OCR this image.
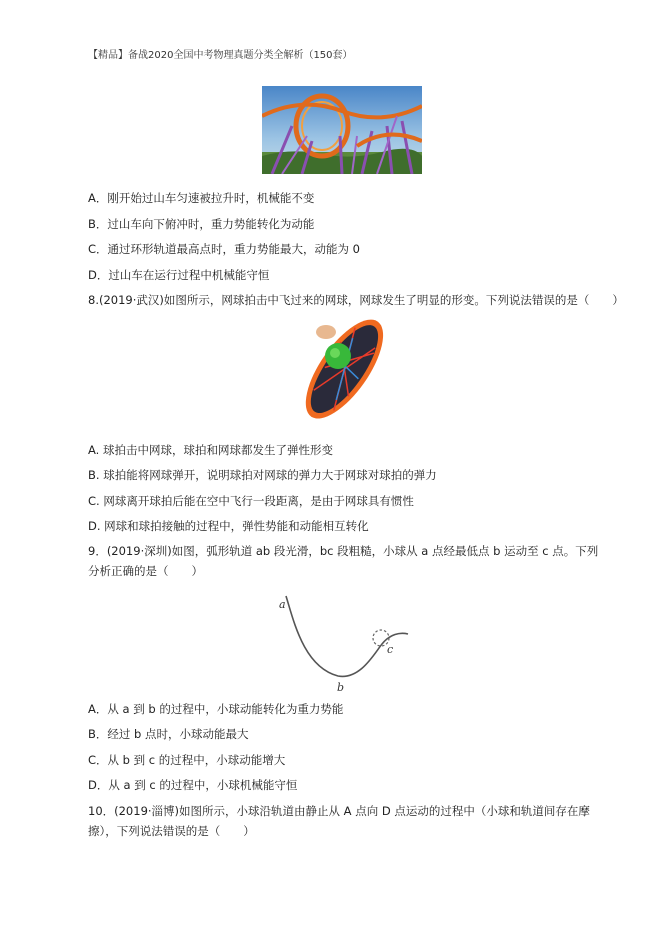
【精品】备战2020全国中考物理真题分类全解析（150套）
A．刚开始过山车匀速被拉升时，机械能不变
B．过山车向下俯冲时，重力势能转化为动能
C．通过环形轨道最高点时，重力势能最大，动能为 0
D．过山车在运行过程中机械能守恒
8.(2019·武汉)如图所示，网球拍击中飞过来的网球，网球发生了明显的形变。下列说法错误的是（　　）
A. 球拍击中网球，球拍和网球都发生了弹性形变
B. 球拍能将网球弹开，说明球拍对网球的弹力大于网球对球拍的弹力
C. 网球离开球拍后能在空中飞行一段距离，是由于网球具有惯性
D. 网球和球拍接触的过程中，弹性势能和动能相互转化
9．(2019·深圳)如图，弧形轨道 ab 段光滑，bc 段粗糙，小球从 a 点经最低点 b 运动至 c 点。下列分析正确的是（　　）
a
b
c
A．从 a 到 b 的过程中，小球动能转化为重力势能
B．经过 b 点时，小球动能最大
C．从 b 到 c 的过程中，小球动能增大
D．从 a 到 c 的过程中，小球机械能守恒
10．(2019·淄博)如图所示，小球沿轨道由静止从 A 点向 D 点运动的过程中（小球和轨道间存在摩擦），下列说法错误的是（　　）
